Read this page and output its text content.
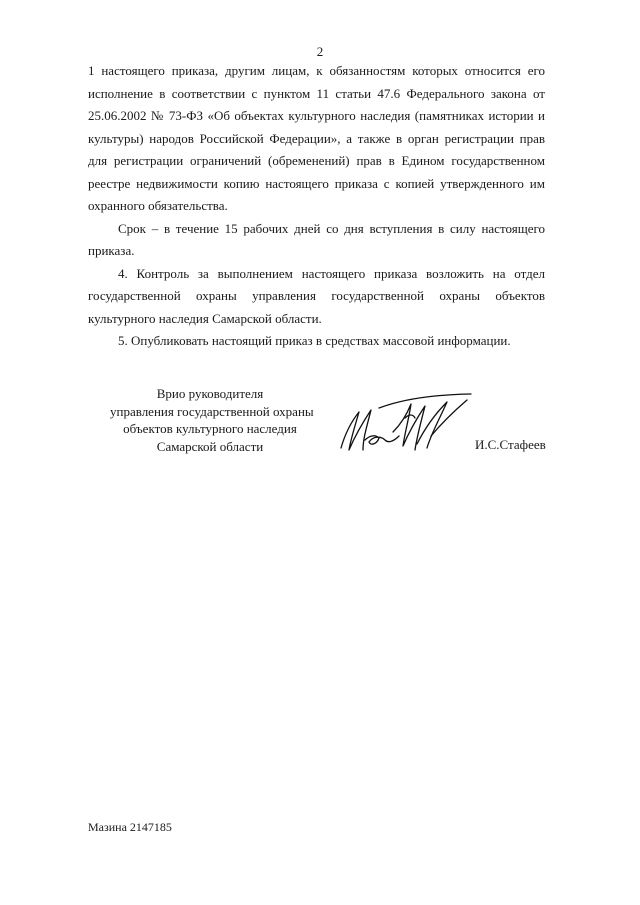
2

1 настоящего приказа, другим лицам, к обязанностям которых относится его исполнение в соответствии с пунктом 11 статьи 47.6 Федерального закона от 25.06.2002 № 73-ФЗ «Об объектах культурного наследия (памятниках истории и культуры) народов Российской Федерации», а также в орган регистрации прав для регистрации ограничений (обременений) прав в Едином государственном реестре недвижимости копию настоящего приказа с копией утвержденного им охранного обязательства.

Срок – в течение 15 рабочих дней со дня вступления в силу настоящего приказа.

4. Контроль за выполнением настоящего приказа возложить на отдел государственной охраны управления государственной охраны объектов культурного наследия Самарской области.

5. Опубликовать настоящий приказ в средствах массовой информации.

Врио руководителя
управления государственной охраны
объектов культурного наследия
Самарской области	И.С.Стафеев
Мазина 2147185
